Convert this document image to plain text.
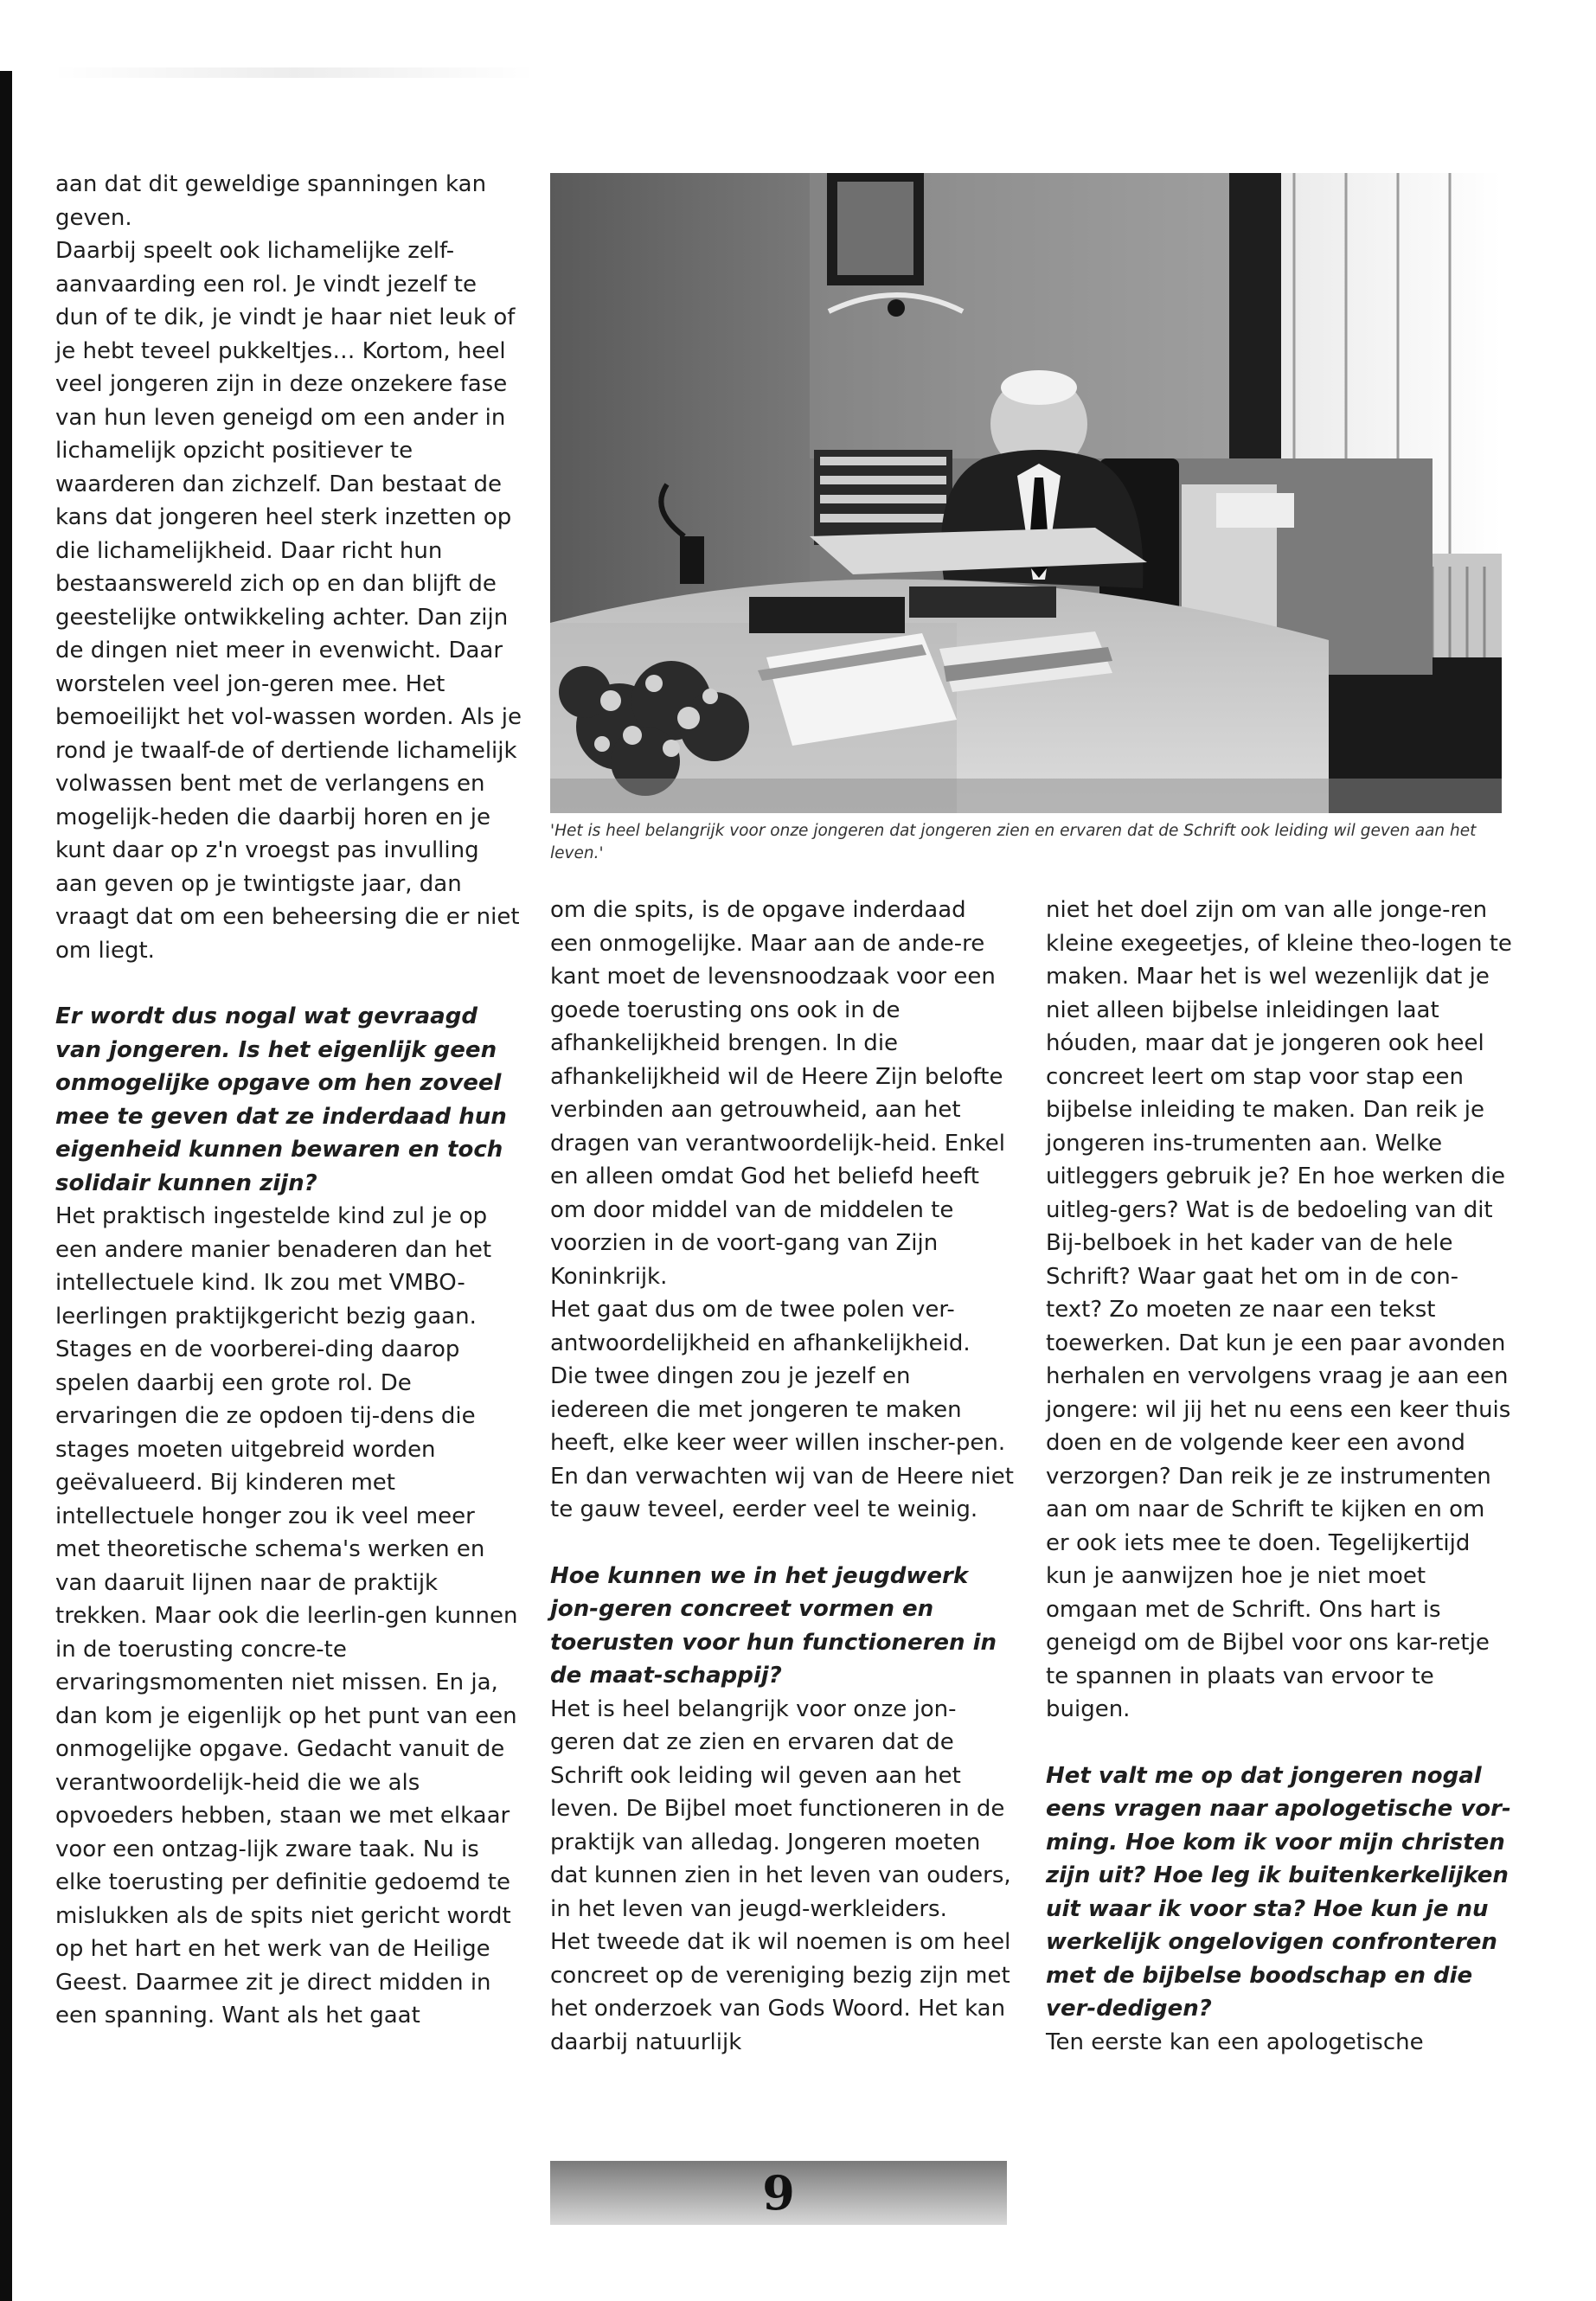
aan dat dit geweldige spanningen kan geven.

Daarbij speelt ook lichamelijke zelf-aanvaarding een rol. Je vindt jezelf te dun of te dik, je vindt je haar niet leuk of je hebt teveel pukkeltjes… Kortom, heel veel jongeren zijn in deze onzekere fase van hun leven geneigd om een ander in lichamelijk opzicht positiever te waarderen dan zichzelf. Dan bestaat de kans dat jongeren heel sterk inzetten op die lichamelijkheid. Daar richt hun bestaanswereld zich op en dan blijft de geestelijke ontwikkeling achter. Dan zijn de dingen niet meer in evenwicht. Daar worstelen veel jon-geren mee. Het bemoeilijkt het vol-wassen worden. Als je rond je twaalf-de of dertiende lichamelijk volwassen bent met de verlangens en mogelijk-heden die daarbij horen en je kunt daar op z'n vroegst pas invulling aan geven op je twintigste jaar, dan vraagt dat om een beheersing die er niet om liegt.

Er wordt dus nogal wat gevraagd van jongeren. Is het eigenlijk geen onmogelijke opgave om hen zoveel mee te geven dat ze inderdaad hun eigenheid kunnen bewaren en toch solidair kunnen zijn?

Het praktisch ingestelde kind zul je op een andere manier benaderen dan het intellectuele kind. Ik zou met VMBO-leerlingen praktijkgericht bezig gaan. Stages en de voorberei-ding daarop spelen daarbij een grote rol. De ervaringen die ze opdoen tij-dens die stages moeten uitgebreid worden geëvalueerd. Bij kinderen met intellectuele honger zou ik veel meer met theoretische schema's werken en van daaruit lijnen naar de praktijk trekken. Maar ook die leerlin-gen kunnen in de toerusting concre-te ervaringsmomenten niet missen. En ja, dan kom je eigenlijk op het punt van een onmogelijke opgave. Gedacht vanuit de verantwoordelijk-heid die we als opvoeders hebben, staan we met elkaar voor een ontzag-lijk zware taak. Nu is elke toerusting per definitie gedoemd te mislukken als de spits niet gericht wordt op het hart en het werk van de Heilige Geest. Daarmee zit je direct midden in een spanning. Want als het gaat

'Het is heel belangrijk voor onze jongeren dat jongeren zien en ervaren dat de Schrift ook leiding wil geven aan het leven.'

om die spits, is de opgave inderdaad een onmogelijke. Maar aan de ande-re kant moet de levensnoodzaak voor een goede toerusting ons ook in de afhankelijkheid brengen. In die afhankelijkheid wil de Heere Zijn belofte verbinden aan getrouwheid, aan het dragen van verantwoordelijk-heid. Enkel en alleen omdat God het beliefd heeft om door middel van de middelen te voorzien in de voort-gang van Zijn Koninkrijk.

Het gaat dus om de twee polen ver-antwoordelijkheid en afhankelijkheid. Die twee dingen zou je jezelf en iedereen die met jongeren te maken heeft, elke keer weer willen inscher-pen. En dan verwachten wij van de Heere niet te gauw teveel, eerder veel te weinig.

Hoe kunnen we in het jeugdwerk jon-geren concreet vormen en toerusten voor hun functioneren in de maat-schappij?

Het is heel belangrijk voor onze jon-geren dat ze zien en ervaren dat de Schrift ook leiding wil geven aan het leven. De Bijbel moet functioneren in de praktijk van alledag. Jongeren moeten dat kunnen zien in het leven van ouders, in het leven van jeugd-werkleiders.

Het tweede dat ik wil noemen is om heel concreet op de vereniging bezig zijn met het onderzoek van Gods Woord. Het kan daarbij natuurlijk

niet het doel zijn om van alle jonge-ren kleine exegeetjes, of kleine theo-logen te maken. Maar het is wel wezenlijk dat je niet alleen bijbelse inleidingen laat hóuden, maar dat je jongeren ook heel concreet leert om stap voor stap een bijbelse inleiding te maken. Dan reik je jongeren ins-trumenten aan. Welke uitleggers gebruik je? En hoe werken die uitleg-gers? Wat is de bedoeling van dit Bij-belboek in het kader van de hele Schrift? Waar gaat het om in de con-text? Zo moeten ze naar een tekst toewerken. Dat kun je een paar avonden herhalen en vervolgens vraag je aan een jongere: wil jij het nu eens een keer thuis doen en de volgende keer een avond verzorgen? Dan reik je ze instrumenten aan om naar de Schrift te kijken en om er ook iets mee te doen. Tegelijkertijd kun je aanwijzen hoe je niet moet omgaan met de Schrift. Ons hart is geneigd om de Bijbel voor ons kar-retje te spannen in plaats van ervoor te buigen.

Het valt me op dat jongeren nogal eens vragen naar apologetische vor-ming. Hoe kom ik voor mijn christen zijn uit? Hoe leg ik buitenkerkelijken uit waar ik voor sta? Hoe kun je nu werkelijk ongelovigen confronteren met de bijbelse boodschap en die ver-dedigen?

Ten eerste kan een apologetische

9
